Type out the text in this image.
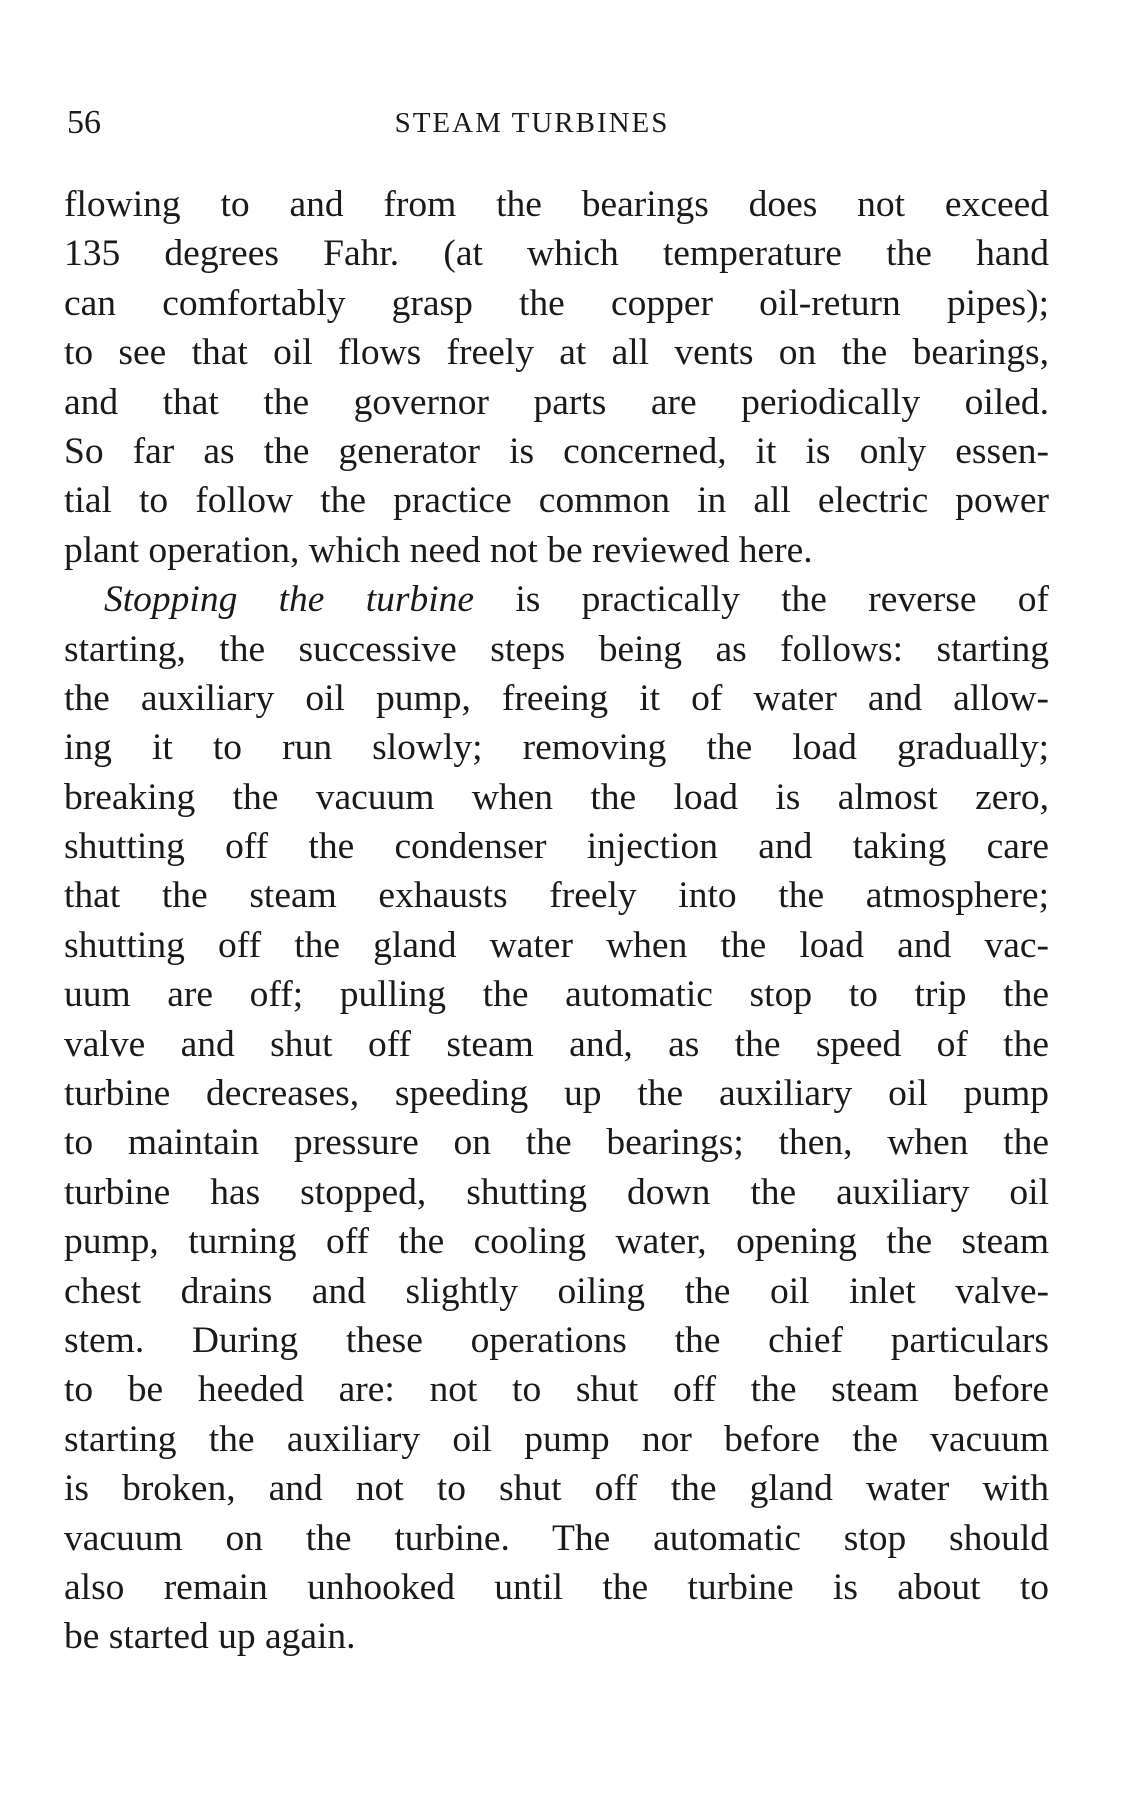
56	STEAM TURBINES
flowing to and from the bearings does not exceed
135 degrees Fahr. (at which temperature the hand
can comfortably grasp the copper oil-return pipes);
to see that oil flows freely at all vents on the bearings,
and that the governor parts are periodically oiled.
So far as the generator is concerned, it is only essen-
tial to follow the practice common in all electric power
plant operation, which need not be reviewed here.
Stopping the turbine is practically the reverse of
starting, the successive steps being as follows: starting
the auxiliary oil pump, freeing it of water and allow-
ing it to run slowly; removing the load gradually;
breaking the vacuum when the load is almost zero,
shutting off the condenser injection and taking care
that the steam exhausts freely into the atmosphere;
shutting off the gland water when the load and vac-
uum are off; pulling the automatic stop to trip the
valve and shut off steam and, as the speed of the
turbine decreases, speeding up the auxiliary oil pump
to maintain pressure on the bearings; then, when the
turbine has stopped, shutting down the auxiliary oil
pump, turning off the cooling water, opening the steam
chest drains and slightly oiling the oil inlet valve-
stem. During these operations the chief particulars
to be heeded are: not to shut off the steam before
starting the auxiliary oil pump nor before the vacuum
is broken, and not to shut off the gland water with
vacuum on the turbine. The automatic stop should
also remain unhooked until the turbine is about to
be started up again.
